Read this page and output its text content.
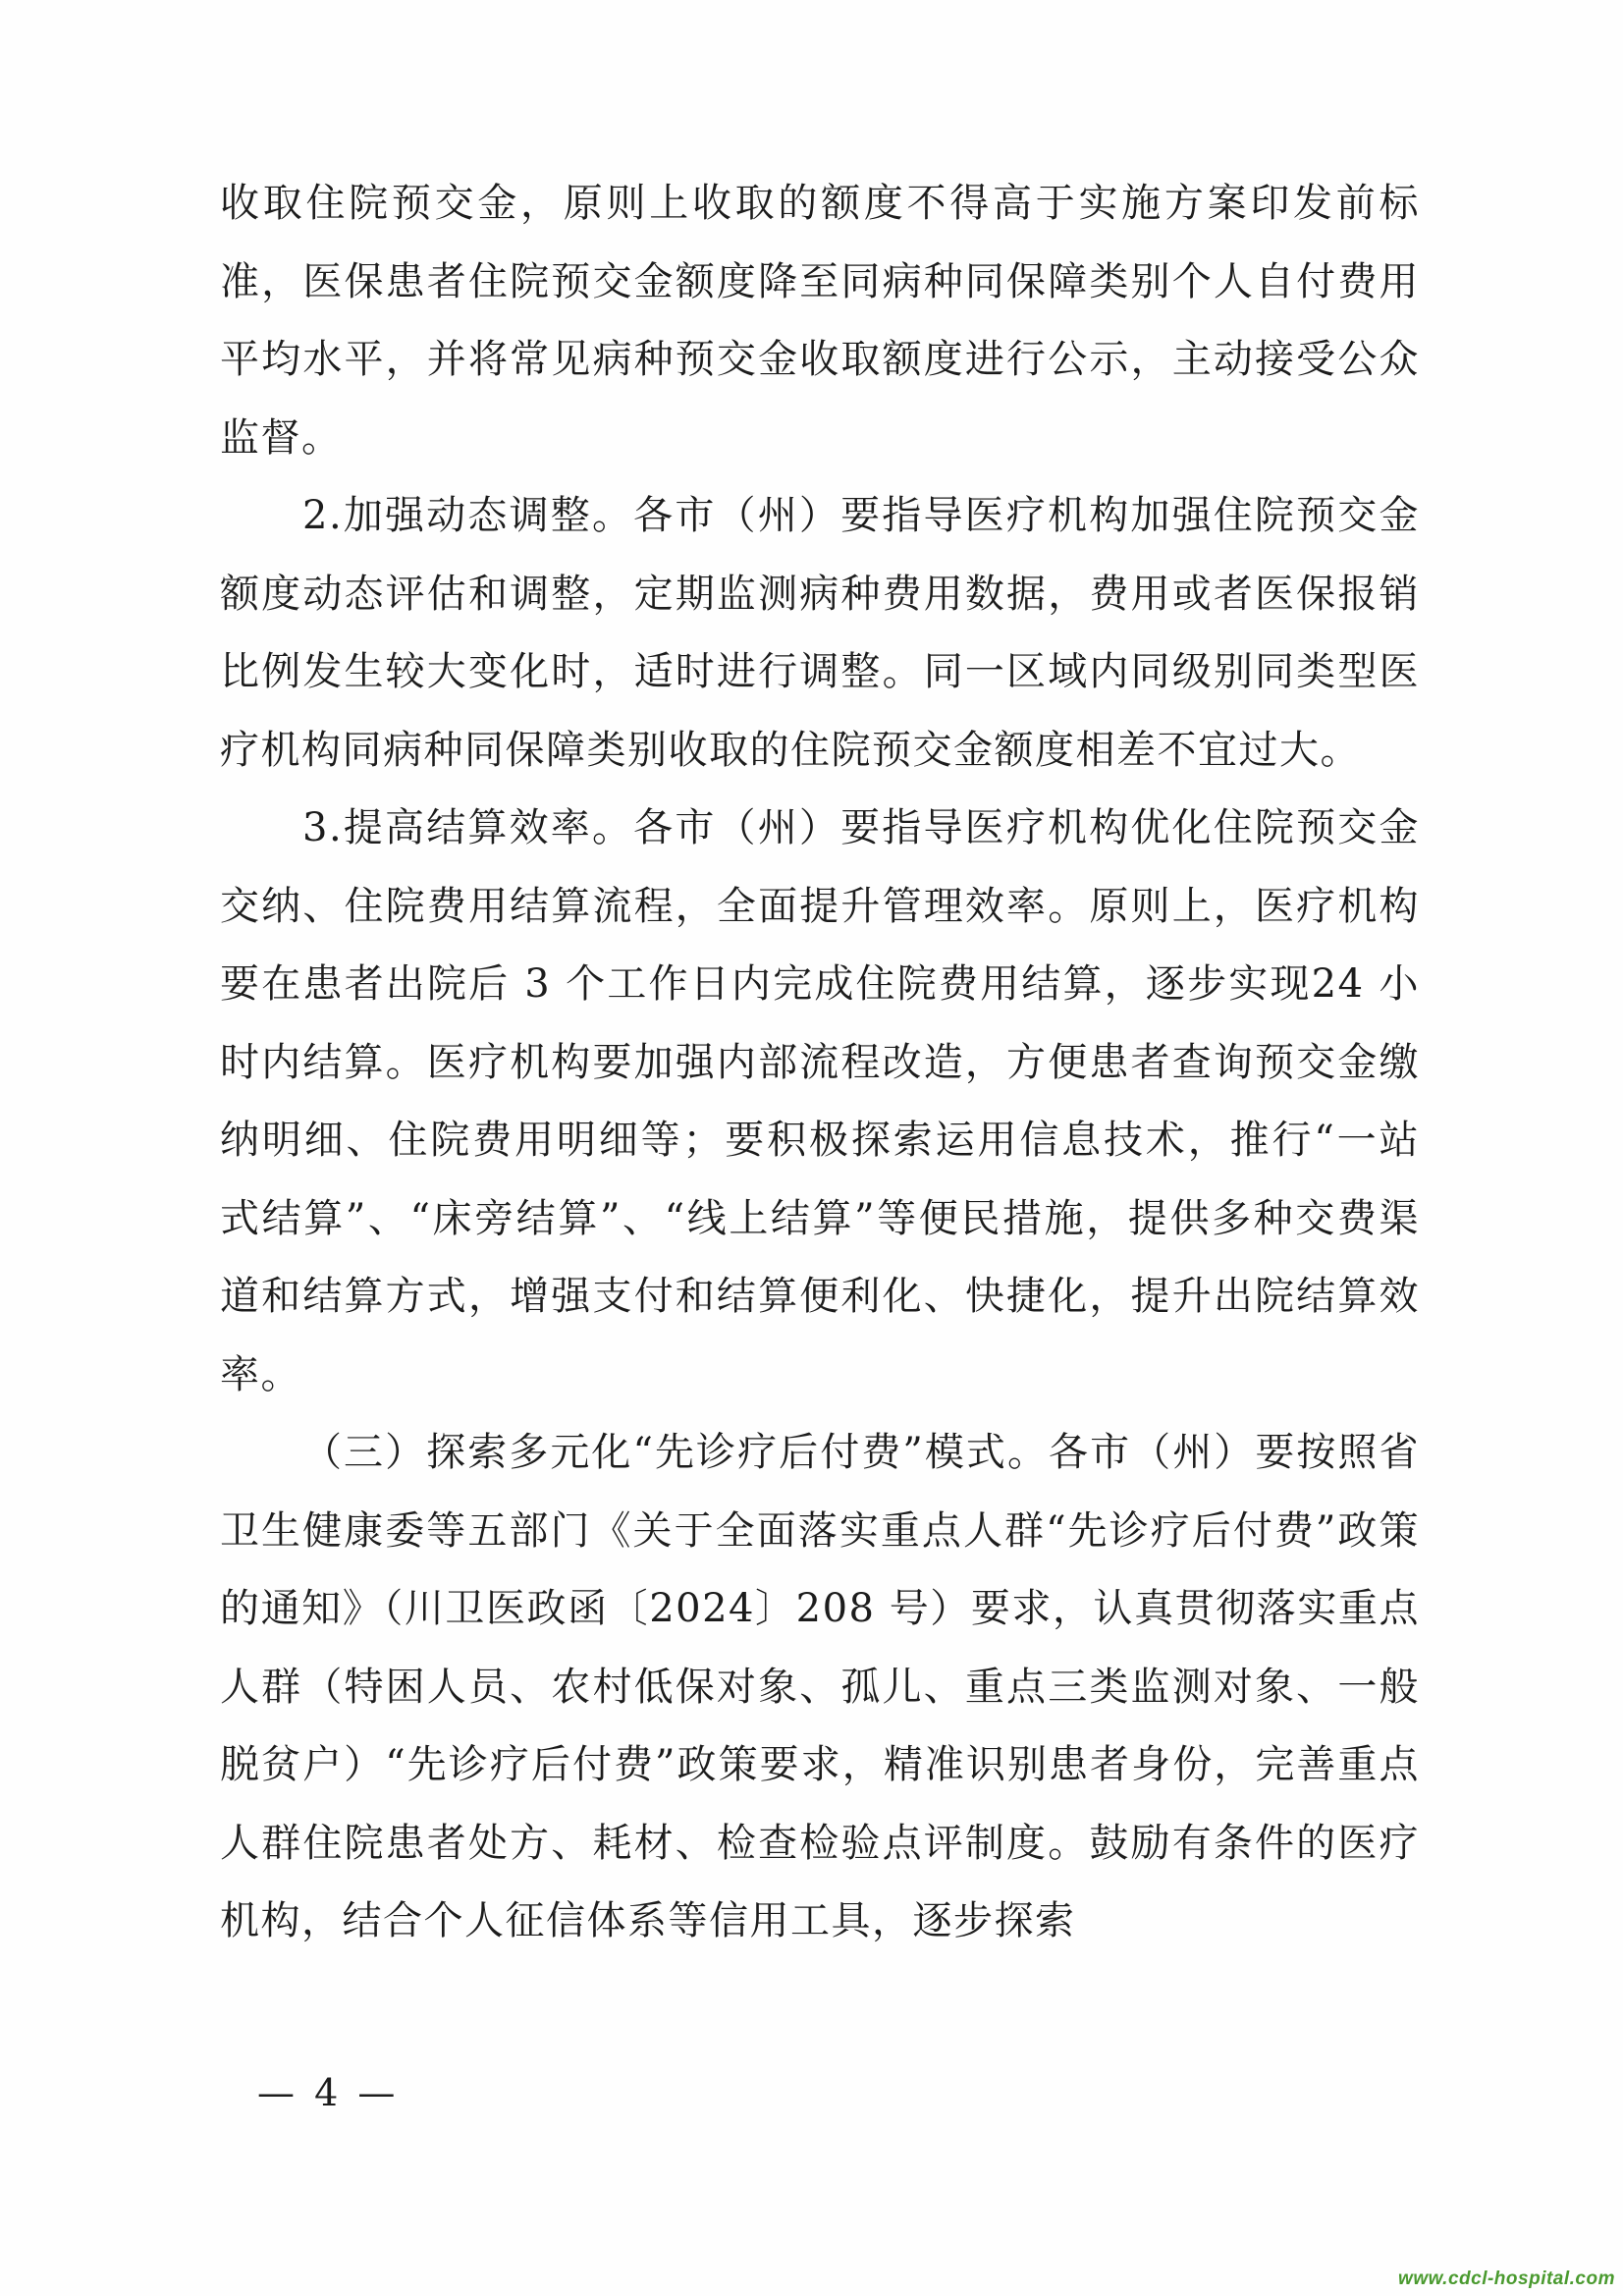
收取住院预交金，原则上收取的额度不得高于实施方案印发前标准，医保患者住院预交金额度降至同病种同保障类别个人自付费用平均水平，并将常见病种预交金收取额度进行公示，主动接受公众监督。

2.加强动态调整。各市（州）要指导医疗机构加强住院预交金额度动态评估和调整，定期监测病种费用数据，费用或者医保报销比例发生较大变化时，适时进行调整。同一区域内同级别同类型医疗机构同病种同保障类别收取的住院预交金额度相差不宜过大。

3.提高结算效率。各市（州）要指导医疗机构优化住院预交金交纳、住院费用结算流程，全面提升管理效率。原则上，医疗机构要在患者出院后 3 个工作日内完成住院费用结算，逐步实现24 小时内结算。医疗机构要加强内部流程改造，方便患者查询预交金缴纳明细、住院费用明细等；要积极探索运用信息技术，推行“一站式结算”、“床旁结算”、“线上结算”等便民措施，提供多种交费渠道和结算方式，增强支付和结算便利化、快捷化，提升出院结算效率。

（三）探索多元化“先诊疗后付费”模式。各市（州）要按照省卫生健康委等五部门《关于全面落实重点人群“先诊疗后付费”政策的通知》（川卫医政函〔2024〕208 号）要求，认真贯彻落实重点人群（特困人员、农村低保对象、孤儿、重点三类监测对象、一般脱贫户）“先诊疗后付费”政策要求，精准识别患者身份，完善重点人群住院患者处方、耗材、检查检验点评制度。鼓励有条件的医疗机构，结合个人征信体系等信用工具，逐步探索

— 4 —
www.cdcl-hospital.com
